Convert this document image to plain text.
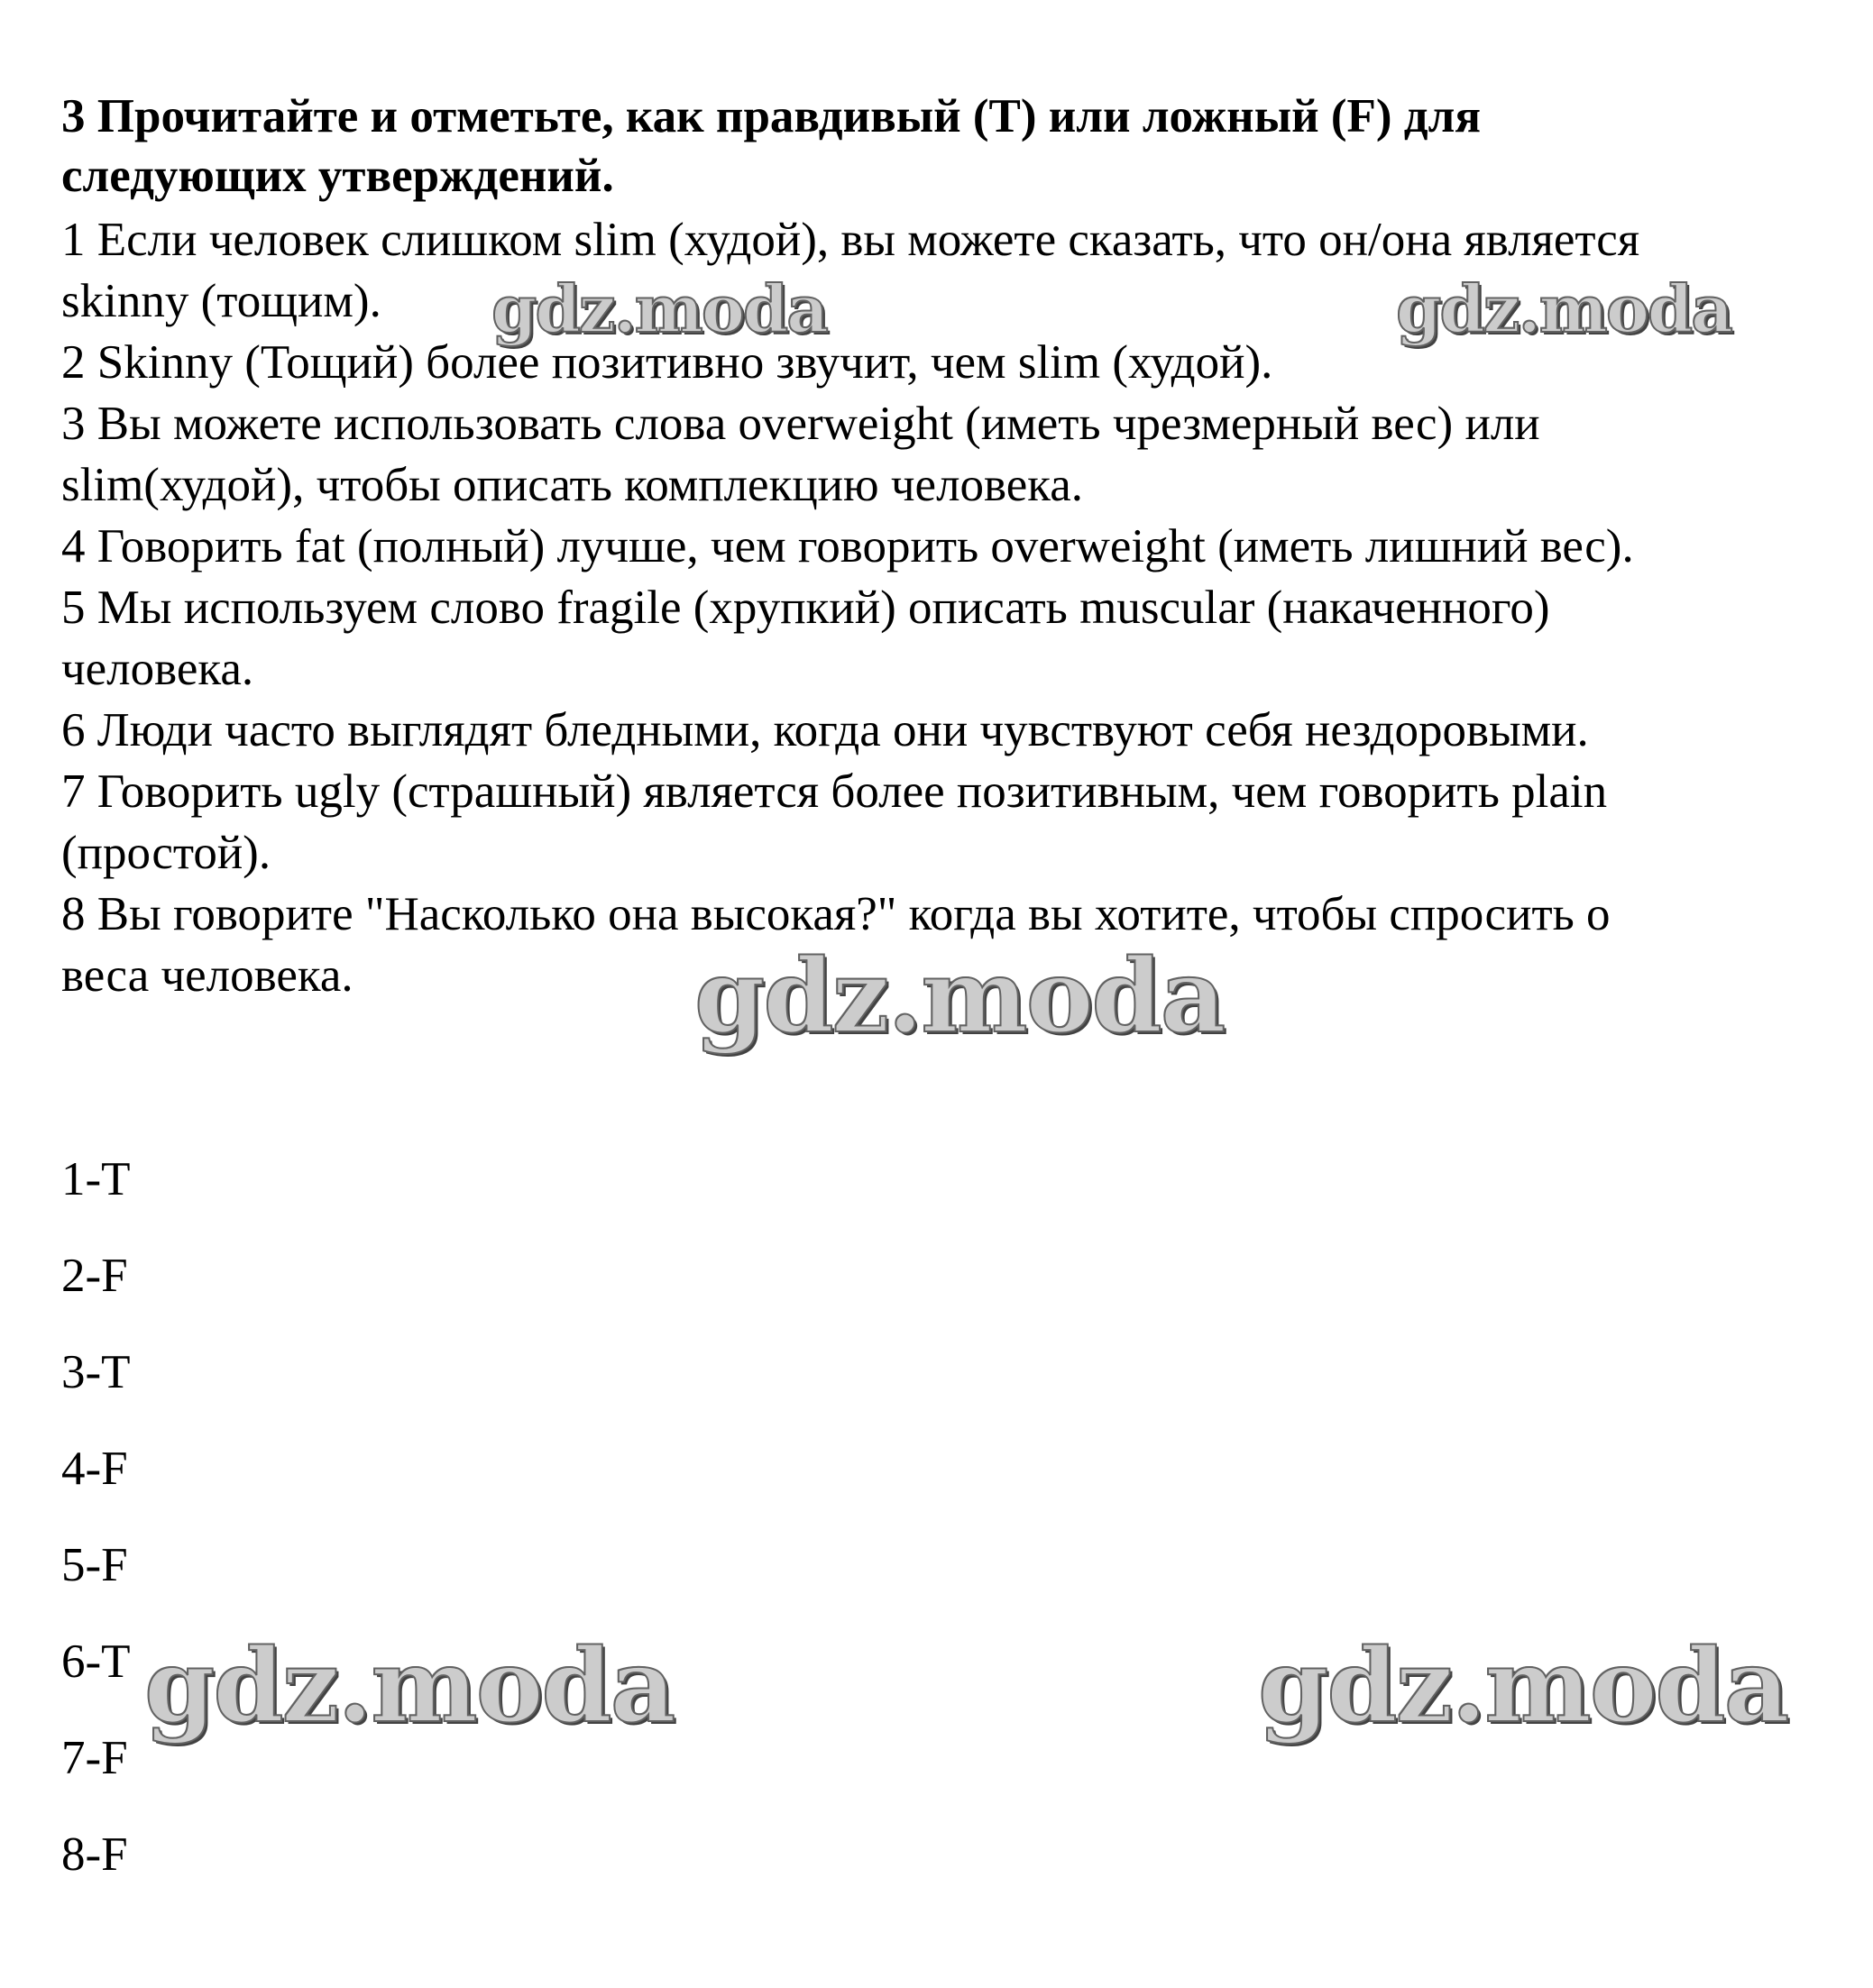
3 Прочитайте и отметьте, как правдивый (T) или ложный (F) для
следующих утверждений.
1 Если человек слишком slim (худой), вы можете сказать, что он/она является
skinny (тощим).
2 Skinny (Тощий) более позитивно звучит, чем slim (худой).
3 Вы можете использовать слова overweight (иметь чрезмерный вес) или
slim(худой), чтобы описать комплекцию человека.
4 Говорить fat (полный) лучше, чем говорить overweight (иметь лишний вес).
5 Мы используем слово fragile (хрупкий) описать muscular (накаченного)
человека.
6 Люди часто выглядят бледными, когда они чувствуют себя нездоровыми.
7 Говорить ugly (страшный) является более позитивным, чем говорить plain
(простой).
8 Вы говорите "Насколько она высокая?" когда вы хотите, чтобы спросить о
веса человека.
1-T
2-F
3-T
4-F
5-F
6-T
7-F
8-F
gdz.moda	gdz.moda
gdz.moda
gdz.moda	gdz.moda
